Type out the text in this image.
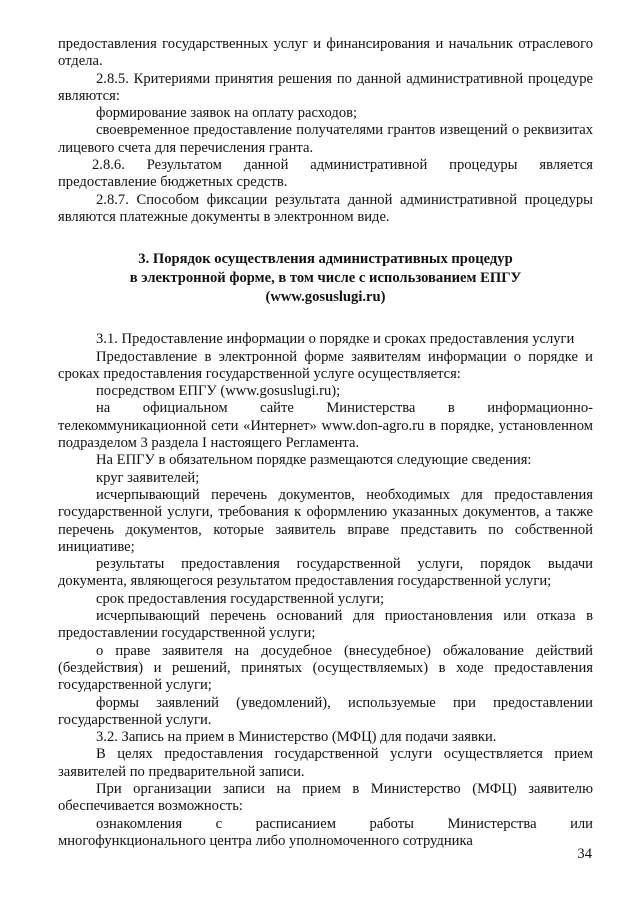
предоставления государственных услуг и финансирования и начальник отраслевого отдела.

2.8.5. Критериями принятия решения по данной административной процедуре являются:

формирование заявок на оплату расходов;

своевременное предоставление получателями грантов извещений о реквизитах лицевого счета для перечисления гранта.

2.8.6. Результатом данной административной процедуры является предоставление бюджетных средств.

2.8.7. Способом фиксации результата данной административной процедуры являются платежные документы в электронном виде.

3. Порядок осуществления административных процедур
в электронной форме, в том числе с использованием ЕПГУ
(www.gosuslugi.ru)

3.1. Предоставление информации о порядке и сроках предоставления услуги

Предоставление в электронной форме заявителям информации о порядке и сроках предоставления государственной услуге осуществляется:

посредством ЕПГУ (www.gosuslugi.ru);

на официальном сайте Министерства в информационно-телекоммуникационной сети «Интернет» www.don-agro.ru в порядке, установленном подразделом 3 раздела I настоящего Регламента.

На ЕПГУ в обязательном порядке размещаются следующие сведения:

круг заявителей;

исчерпывающий перечень документов, необходимых для предоставления государственной услуги, требования к оформлению указанных документов, а также перечень документов, которые заявитель вправе представить по собственной инициативе;

результаты предоставления государственной услуги, порядок выдачи документа, являющегося результатом предоставления государственной услуги;

срок предоставления государственной услуги;

исчерпывающий перечень оснований для приостановления или отказа в предоставлении государственной услуги;

о праве заявителя на досудебное (внесудебное) обжалование действий (бездействия) и решений, принятых (осуществляемых) в ходе предоставления государственной услуги;

формы заявлений (уведомлений), используемые при предоставлении государственной услуги.

3.2. Запись на прием в Министерство (МФЦ) для подачи заявки.

В целях предоставления государственной услуги осуществляется прием заявителей по предварительной записи.

При организации записи на прием в Министерство (МФЦ) заявителю обеспечивается возможность:

ознакомления с расписанием работы Министерства или многофункционального центра либо уполномоченного сотрудника

34
